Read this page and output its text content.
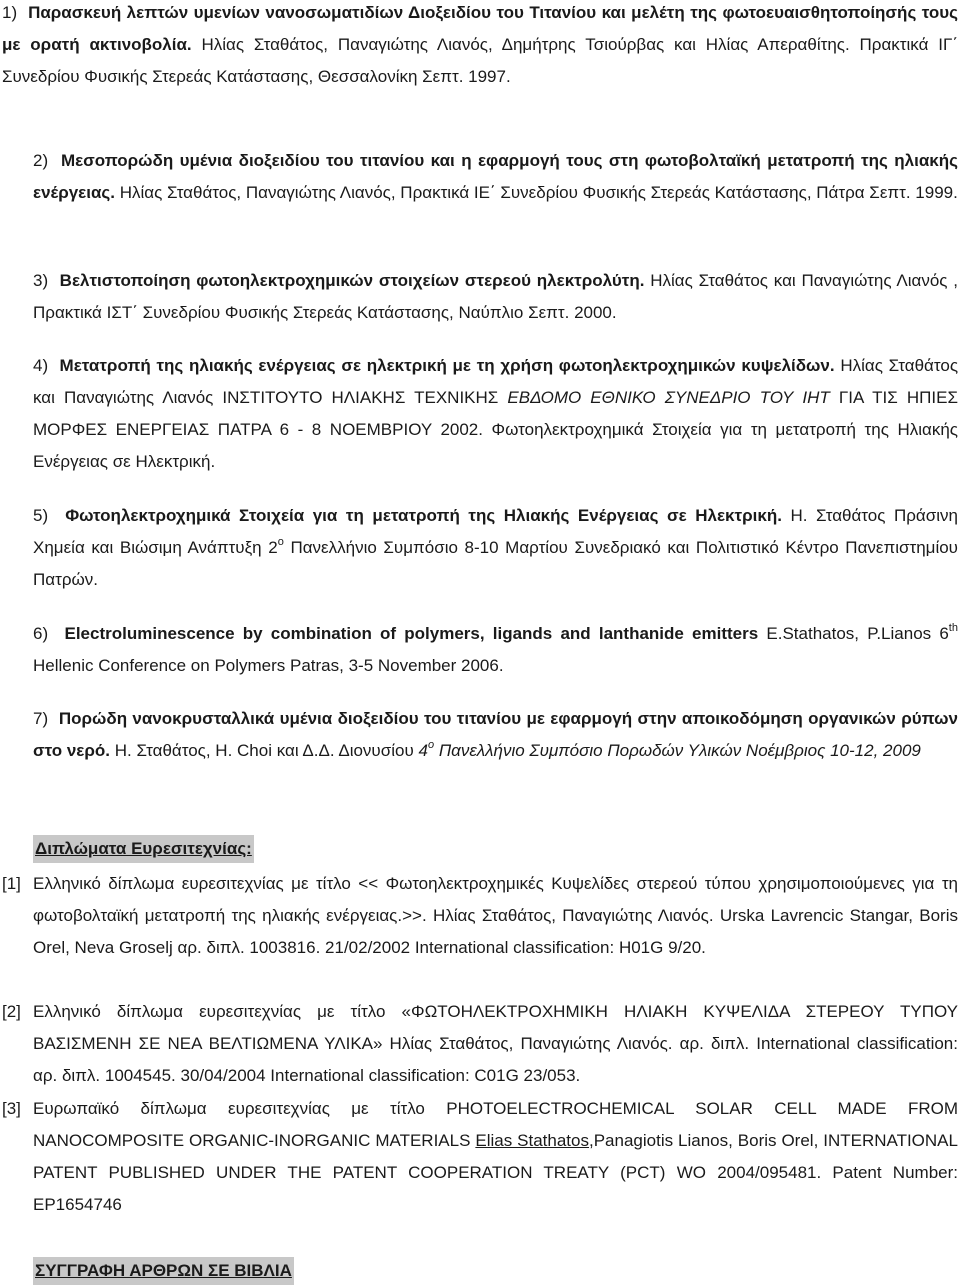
1) Παρασκευή λεπτών υμενίων νανοσωματιδίων Διοξειδίου του Τιτανίου και μελέτη της φωτοευαισθητοποίησής τους με ορατή ακτινοβολία. Ηλίας Σταθάτος, Παναγιώτης Λιανός, Δημήτρης Τσιούρβας και Ηλίας Απεραθίτης. Πρακτικά ΙΓ΄ Συνεδρίου Φυσικής Στερεάς Κατάστασης, Θεσσαλονίκη Σεπτ. 1997.

2) Μεσοπορώδη υμένια διοξειδίου του τιτανίου και η εφαρμογή τους στη φωτοβολταϊκή μετατροπή της ηλιακής ενέργειας. Ηλίας Σταθάτος, Παναγιώτης Λιανός, Πρακτικά ΙΕ΄ Συνεδρίου Φυσικής Στερεάς Κατάστασης, Πάτρα Σεπτ. 1999.

3) Βελτιστοποίηση φωτοηλεκτροχημικών στοιχείων στερεού ηλεκτρολύτη. Ηλίας Σταθάτος και Παναγιώτης Λιανός , Πρακτικά ΙΣΤ΄ Συνεδρίου Φυσικής Στερεάς Κατάστασης, Ναύπλιο Σεπτ. 2000.

4) Μετατροπή της ηλιακής ενέργειας σε ηλεκτρική με τη χρήση φωτοηλεκτροχημικών κυψελίδων. Ηλίας Σταθάτος και Παναγιώτης Λιανός ΙΝΣΤΙΤΟΥΤΟ ΗΛΙΑΚΗΣ ΤΕΧΝΙΚΗΣ ΕΒΔΟΜΟ ΕΘΝΙΚΟ ΣΥΝΕΔΡΙΟ ΤΟΥ ΙΗΤ ΓΙΑ ΤΙΣ ΗΠΙΕΣ ΜΟΡΦΕΣ ΕΝΕΡΓΕΙΑΣ ΠΑΤΡΑ 6 - 8 ΝΟΕΜΒΡΙΟΥ 2002. Φωτοηλεκτροχημικά Στοιχεία για τη μετατροπή της Ηλιακής Ενέργειας σε Ηλεκτρική.

5) Φωτοηλεκτροχημικά Στοιχεία για τη μετατροπή της Ηλιακής Ενέργειας σε Ηλεκτρική. Η. Σταθάτος Πράσινη Χημεία και Βιώσιμη Ανάπτυξη $2^o$ Πανελλήνιο Συμπόσιο 8-10 Μαρτίου Συνεδριακό και Πολιτιστικό Κέντρο Πανεπιστημίου Πατρών.

6) Electroluminescence by combination of polymers, ligands and lanthanide emitters E.Stathatos, P.Lianos 6th Hellenic Conference on Polymers Patras, 3-5 November 2006.

7) Πορώδη νανοκρυσταλλικά υμένια διοξειδίου του τιτανίου με εφαρμογή στην αποικοδόμηση οργανικών ρύπων στο νερό. Η. Σταθάτος, H. Choi και Δ.Δ. Διονυσίου $4^o$ Πανελλήνιο Συμπόσιο Πορωδών Υλικών Νοέμβριος 10-12, 2009

Διπλώματα Ευρεσιτεχνίας:
[1] Ελληνικό δίπλωμα ευρεσιτεχνίας με τίτλο << Φωτοηλεκτροχημικές Κυψελίδες στερεού τύπου χρησιμοποιούμενες για τη φωτοβολταϊκή μετατροπή της ηλιακής ενέργειας.>>. Ηλίας Σταθάτος, Παναγιώτης Λιανός. Urska Lavrencic Stangar, Boris Orel, Neva Groselj αρ. διπλ. 1003816. 21/02/2002 International classification: H01G 9/20.
[2] Ελληνικό δίπλωμα ευρεσιτεχνίας με τίτλο «ΦΩΤΟΗΛΕΚΤΡΟΧΗΜΙΚΗ ΗΛΙΑΚΗ ΚΥΨΕΛΙΔΑ ΣΤΕΡΕΟΥ ΤΥΠΟΥ ΒΑΣΙΣΜΕΝΗ ΣΕ ΝΕΑ ΒΕΛΤΙΩΜΕΝΑ ΥΛΙΚΑ» Ηλίας Σταθάτος, Παναγιώτης Λιανός. αρ. διπλ. International classification: αρ. διπλ. 1004545. 30/04/2004 International classification: C01G 23/053.
[3] Ευρωπαϊκό δίπλωμα ευρεσιτεχνίας με τίτλο PHOTOELECTROCHEMICAL SOLAR CELL MADE FROM NANOCOMPOSITE ORGANIC-INORGANIC MATERIALS Elias Stathatos,Panagiotis Lianos, Boris Orel, INTERNATIONAL PATENT PUBLISHED UNDER THE PATENT COOPERATION TREATY (PCT) WO 2004/095481. Patent Number: EP1654746
ΣΥΓΓΡΑΦΗ ΑΡΘΡΩΝ ΣΕ ΒΙΒΛΙΑ
